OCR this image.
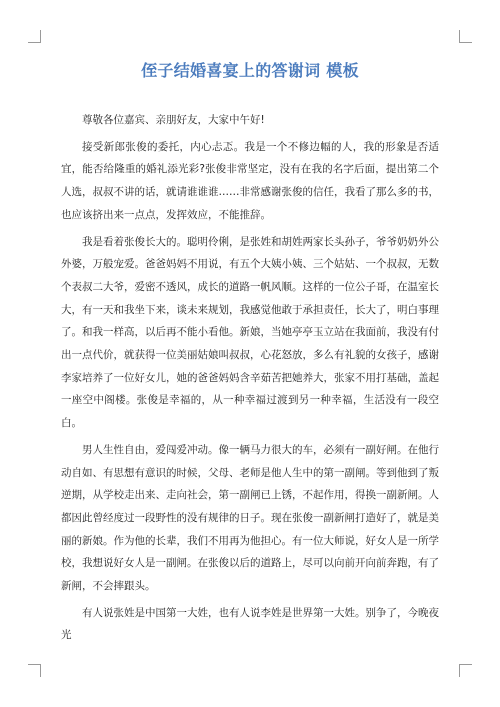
侄子结婚喜宴上的答谢词 模板

尊敬各位嘉宾、亲朋好友，大家中午好!

接受新郎张俊的委托，内心忐忑。我是一个不修边幅的人，我的形象是否适宜，能否给隆重的婚礼添光彩?张俊非常坚定，没有在我的名字后面，提出第二个人选，叔叔不讲的话，就请谁谁谁……非常感谢张俊的信任，我看了那么多的书，也应该挤出来一点点，发挥效应，不能推辞。

我是看着张俊长大的。聪明伶俐，是张姓和胡姓两家长头孙子，爷爷奶奶外公外婆，万般宠爱。爸爸妈妈不用说，有五个大姨小姨、三个姑姑、一个叔叔，无数个表叔二大爷，爱密不透风，成长的道路一帆风顺。这样的一位公子哥，在温室长大，有一天和我坐下来，谈未来规划，我感觉他敢于承担责任，长大了，明白事理了。和我一样高，以后再不能小看他。新娘，当她亭亭玉立站在我面前，我没有付出一点代价，就获得一位美丽姑娘叫叔叔，心花怒放，多么有礼貌的女孩子，感谢李家培养了一位好女儿，她的爸爸妈妈含辛茹苦把她养大，张家不用打基础，盖起一座空中阁楼。张俊是幸福的，从一种幸福过渡到另一种幸福，生活没有一段空白。

男人生性自由，爱闯爱冲动。像一辆马力很大的车，必须有一副好闸。在他行动自如、有思想有意识的时候，父母、老师是他人生中的第一副闸。等到他到了叛逆期，从学校走出来、走向社会，第一副闸已上锈，不起作用，得换一副新闸。人都因此曾经度过一段野性的没有规律的日子。现在张俊一副新闸打造好了，就是美丽的新娘。作为他的长辈，我们不用再为他担心。有一位大师说，好女人是一所学校，我想说好女人是一副闸。在张俊以后的道路上，尽可以向前开向前奔跑，有了新闸，不会摔跟头。

有人说张姓是中国第一大姓，也有人说李姓是世界第一大姓。别争了，今晚夜光
